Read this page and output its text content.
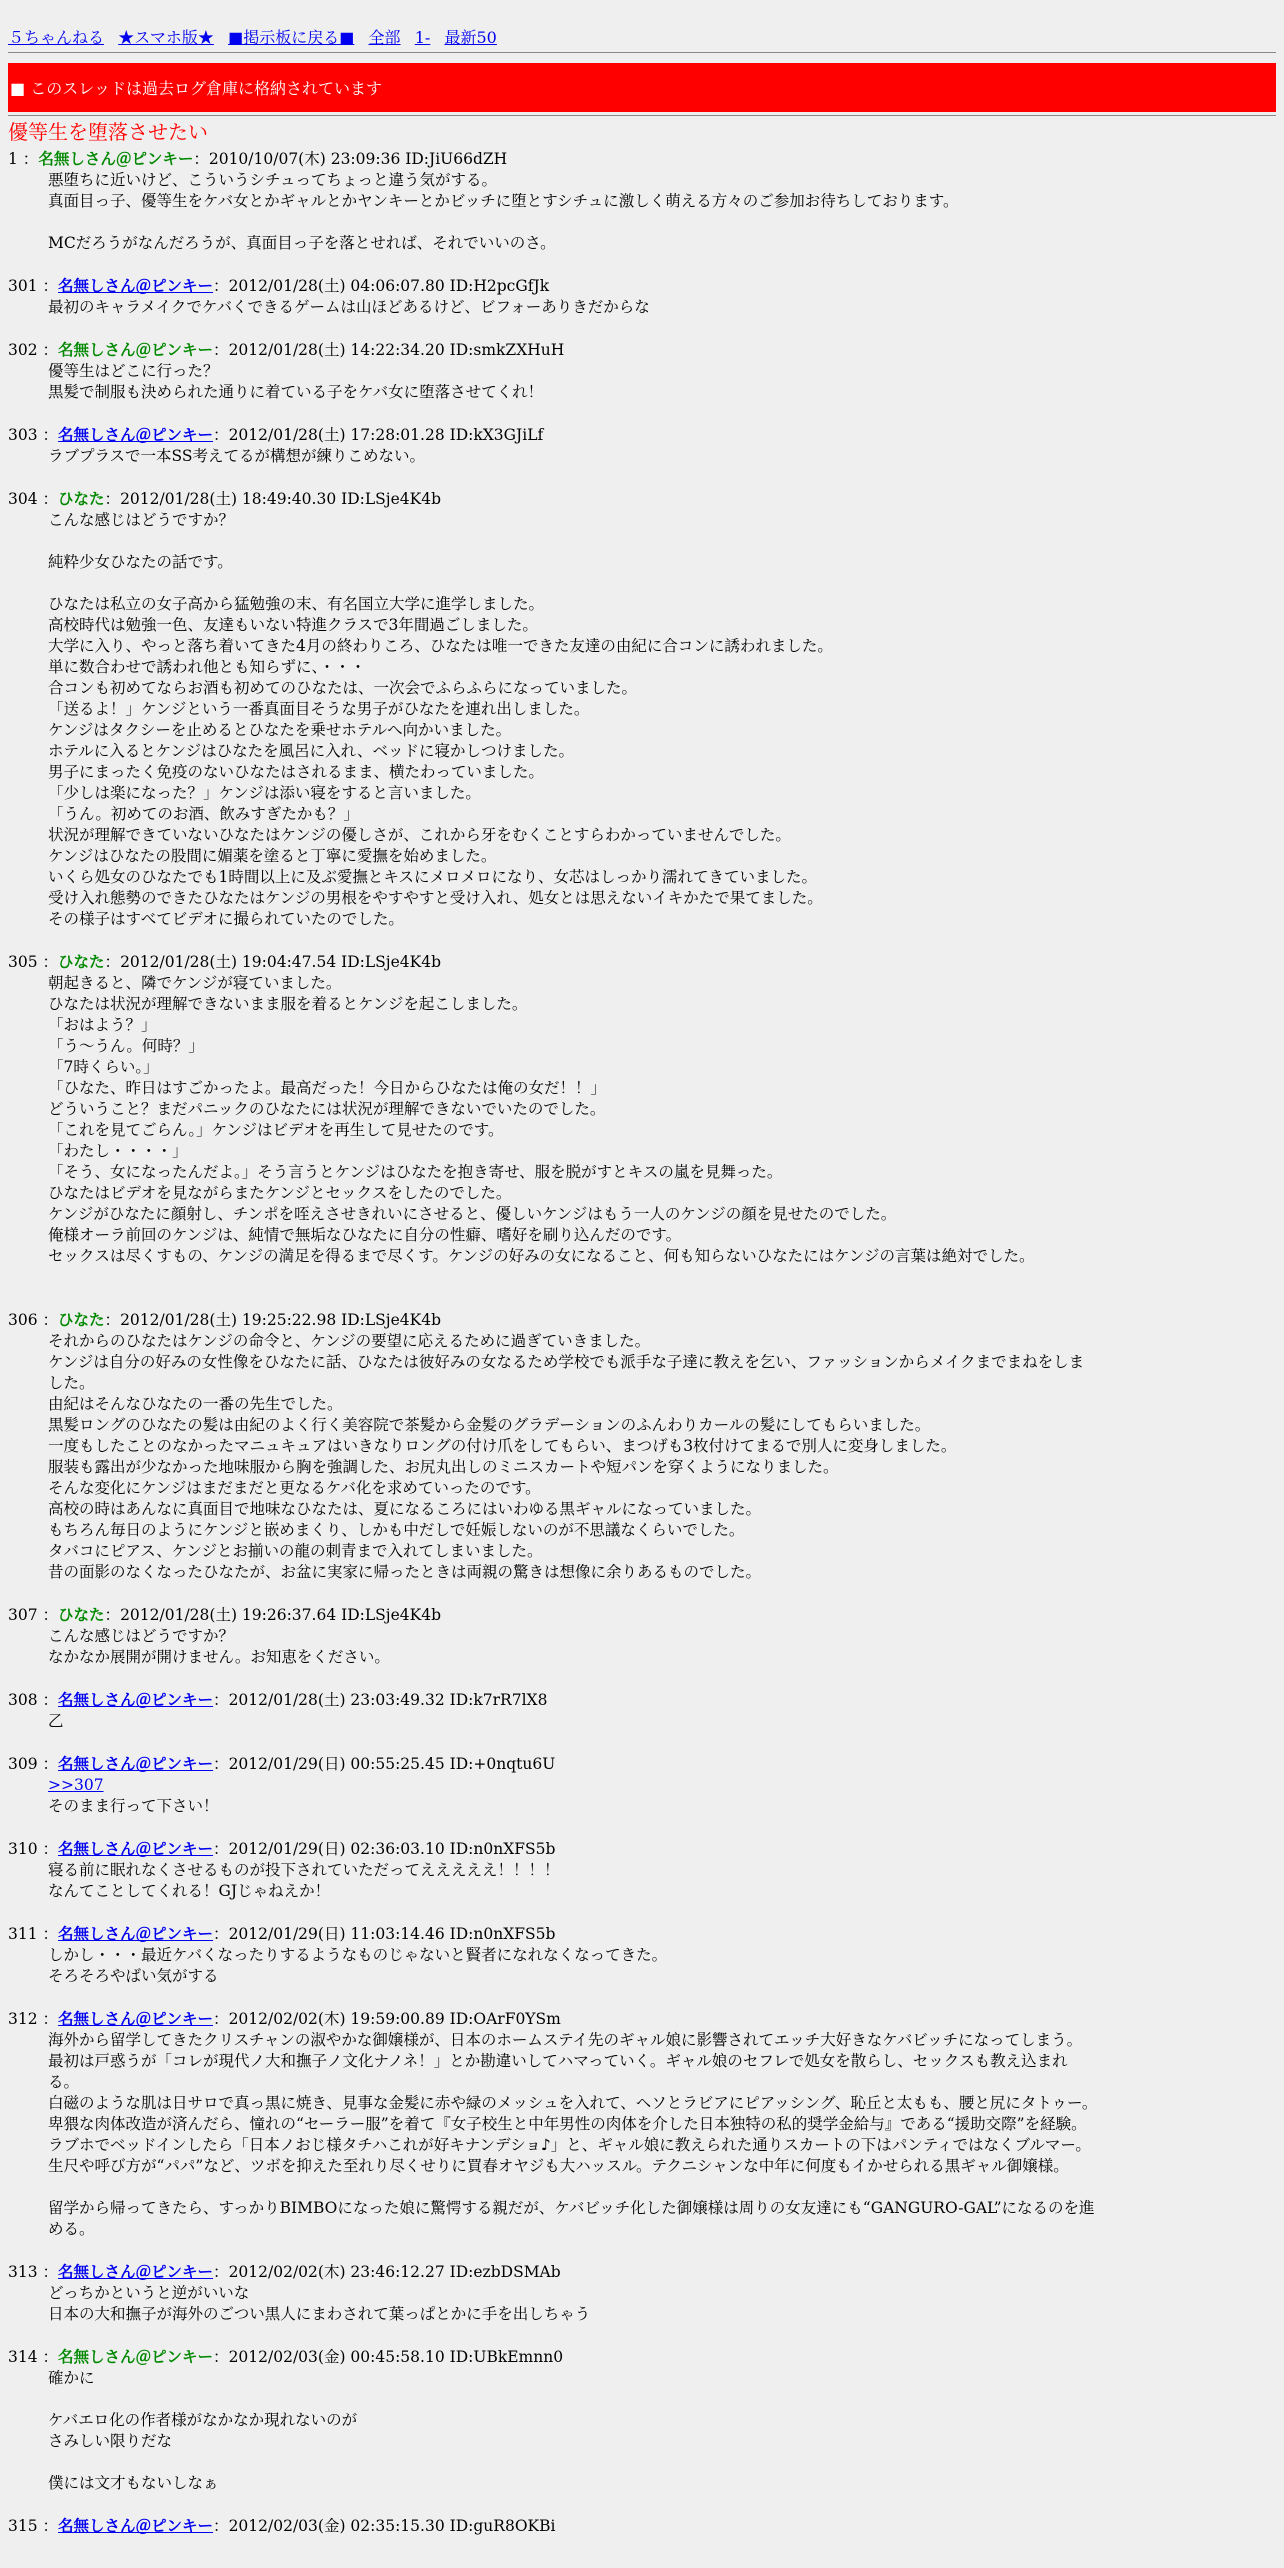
５ちゃんねる ★スマホ版★ ■掲示板に戻る■ 全部 1- 最新50
■ このスレッドは過去ログ倉庫に格納されています
優等生を堕落させたい
1 ：名無しさん＠ピンキー：2010/10/07(木) 23:09:36 ID:JiU66dZH
悪堕ちに近いけど、こういうシチュってちょっと違う気がする。
真面目っ子、優等生をケバ女とかギャルとかヤンキーとかビッチに堕とすシチュに激しく萌える方々のご参加お待ちしております。
MCだろうがなんだろうが、真面目っ子を落とせれば、それでいいのさ。
301 ：名無しさん＠ピンキー：2012/01/28(土) 04:06:07.80 ID:H2pcGfJk
最初のキャラメイクでケバくできるゲームは山ほどあるけど、ビフォーありきだからな
302 ：名無しさん＠ピンキー：2012/01/28(土) 14:22:34.20 ID:smkZXHuH
優等生はどこに行った？
黒髪で制服も決められた通りに着ている子をケバ女に堕落させてくれ！
303 ：名無しさん＠ピンキー：2012/01/28(土) 17:28:01.28 ID:kX3GJiLf
ラブプラスで一本SS考えてるが構想が練りこめない。
304 ：ひなた：2012/01/28(土) 18:49:40.30 ID:LSje4K4b
こんな感じはどうですか？
純粋少女ひなたの話です。
ひなたは私立の女子高から猛勉強の末、有名国立大学に進学しました。
高校時代は勉強一色、友達もいない特進クラスで3年間過ごしました。
大学に入り、やっと落ち着いてきた4月の終わりころ、ひなたは唯一できた友達の由紀に合コンに誘われました。
単に数合わせで誘われ他とも知らずに、・・・
合コンも初めてならお酒も初めてのひなたは、一次会でふらふらになっていました。
「送るよ！」ケンジという一番真面目そうな男子がひなたを連れ出しました。
ケンジはタクシーを止めるとひなたを乗せホテルへ向かいました。
ホテルに入るとケンジはひなたを風呂に入れ、ベッドに寝かしつけました。
男子にまったく免疫のないひなたはされるまま、横たわっていました。
「少しは楽になった？」ケンジは添い寝をすると言いました。
「うん。初めてのお酒、飲みすぎたかも？」
状況が理解できていないひなたはケンジの優しさが、これから牙をむくことすらわかっていませんでした。
ケンジはひなたの股間に媚薬を塗ると丁寧に愛撫を始めました。
いくら処女のひなたでも1時間以上に及ぶ愛撫とキスにメロメロになり、女芯はしっかり濡れてきていました。
受け入れ態勢のできたひなたはケンジの男根をやすやすと受け入れ、処女とは思えないイキかたで果てました。
その様子はすべてビデオに撮られていたのでした。
305 ：ひなた：2012/01/28(土) 19:04:47.54 ID:LSje4K4b
朝起きると、隣でケンジが寝ていました。
ひなたは状況が理解できないまま服を着るとケンジを起こしました。
「おはよう？」
「う～うん。何時？」
「7時くらい。」
「ひなた、昨日はすごかったよ。最高だった！今日からひなたは俺の女だ！！」
どういうこと？まだパニックのひなたには状況が理解できないでいたのでした。
「これを見てごらん。」ケンジはビデオを再生して見せたのです。
「わたし・・・・」
「そう、女になったんだよ。」そう言うとケンジはひなたを抱き寄せ、服を脱がすとキスの嵐を見舞った。
ひなたはビデオを見ながらまたケンジとセックスをしたのでした。
ケンジがひなたに顔射し、チンポを咥えさせきれいにさせると、優しいケンジはもう一人のケンジの顔を見せたのでした。
俺様オーラ前回のケンジは、純情で無垢なひなたに自分の性癖、嗜好を刷り込んだのです。
セックスは尽くすもの、ケンジの満足を得るまで尽くす。ケンジの好みの女になること、何も知らないひなたにはケンジの言葉は絶対でした。
306 ：ひなた：2012/01/28(土) 19:25:22.98 ID:LSje4K4b
それからのひなたはケンジの命令と、ケンジの要望に応えるために過ぎていきました。
ケンジは自分の好みの女性像をひなたに話、ひなたは彼好みの女なるため学校でも派手な子達に教えを乞い、ファッションからメイクまでまねをしました。
由紀はそんなひなたの一番の先生でした。
黒髪ロングのひなたの髪は由紀のよく行く美容院で茶髪から金髪のグラデーションのふんわりカールの髪にしてもらいました。
一度もしたことのなかったマニュキュアはいきなりロングの付け爪をしてもらい、まつげも3枚付けてまるで別人に変身しました。
服装も露出が少なかった地味服から胸を強調した、お尻丸出しのミニスカートや短パンを穿くようになりました。
そんな変化にケンジはまだまだと更なるケバ化を求めていったのです。
高校の時はあんなに真面目で地味なひなたは、夏になるころにはいわゆる黒ギャルになっていました。
もちろん毎日のようにケンジと嵌めまくり、しかも中だしで妊娠しないのが不思議なくらいでした。
タバコにピアス、ケンジとお揃いの龍の刺青まで入れてしまいました。
昔の面影のなくなったひなたが、お盆に実家に帰ったときは両親の驚きは想像に余りあるものでした。
307 ：ひなた：2012/01/28(土) 19:26:37.64 ID:LSje4K4b
こんな感じはどうですか？
なかなか展開が開けません。お知恵をください。
308 ：名無しさん＠ピンキー：2012/01/28(土) 23:03:49.32 ID:k7rR7lX8
乙
309 ：名無しさん＠ピンキー：2012/01/29(日) 00:55:25.45 ID:+0nqtu6U
>>307
そのまま行って下さい！
310 ：名無しさん＠ピンキー：2012/01/29(日) 02:36:03.10 ID:n0nXFS5b
寝る前に眠れなくさせるものが投下されていただってえええええ！！！！
なんてことしてくれる！GJじゃねえか！
311 ：名無しさん＠ピンキー：2012/01/29(日) 11:03:14.46 ID:n0nXFS5b
しかし・・・最近ケバくなったりするようなものじゃないと賢者になれなくなってきた。
そろそろやばい気がする
312 ：名無しさん＠ピンキー：2012/02/02(木) 19:59:00.89 ID:OArF0YSm
海外から留学してきたクリスチャンの淑やかな御嬢様が、日本のホームステイ先のギャル娘に影響されてエッチ大好きなケバビッチになってしまう。
最初は戸惑うが「コレが現代ノ大和撫子ノ文化ナノネ！」とか勘違いしてハマっていく。ギャル娘のセフレで処女を散らし、セックスも教え込まれる。
白磁のような肌は日サロで真っ黒に焼き、見事な金髪に赤や緑のメッシュを入れて、ヘソとラビアにピアッシング、恥丘と太もも、腰と尻にタトゥー。
卑猥な肉体改造が済んだら、憧れの“セーラー服”を着て『女子校生と中年男性の肉体を介した日本独特の私的奨学金給与』である“援助交際”を経験。
ラブホでベッドインしたら「日本ノおじ様タチハこれが好キナンデショ♪」と、ギャル娘に教えられた通りスカートの下はパンティではなくブルマー。
生尺や呼び方が“パパ”など、ツボを抑えた至れり尽くせりに買春オヤジも大ハッスル。テクニシャンな中年に何度もイかせられる黒ギャル御嬢様。
留学から帰ってきたら、すっかりBIMBOになった娘に驚愕する親だが、ケバビッチ化した御嬢様は周りの女友達にも“GANGURO-GAL”になるのを進める。
313 ：名無しさん＠ピンキー：2012/02/02(木) 23:46:12.27 ID:ezbDSMAb
どっちかというと逆がいいな
日本の大和撫子が海外のごつい黒人にまわされて葉っぱとかに手を出しちゃう
314 ：名無しさん＠ピンキー：2012/02/03(金) 00:45:58.10 ID:UBkEmnn0
確かに
ケバエロ化の作者様がなかなか現れないのが
さみしい限りだな
僕には文才もないしなぁ
315 ：名無しさん＠ピンキー：2012/02/03(金) 02:35:15.30 ID:guR8OKBi
